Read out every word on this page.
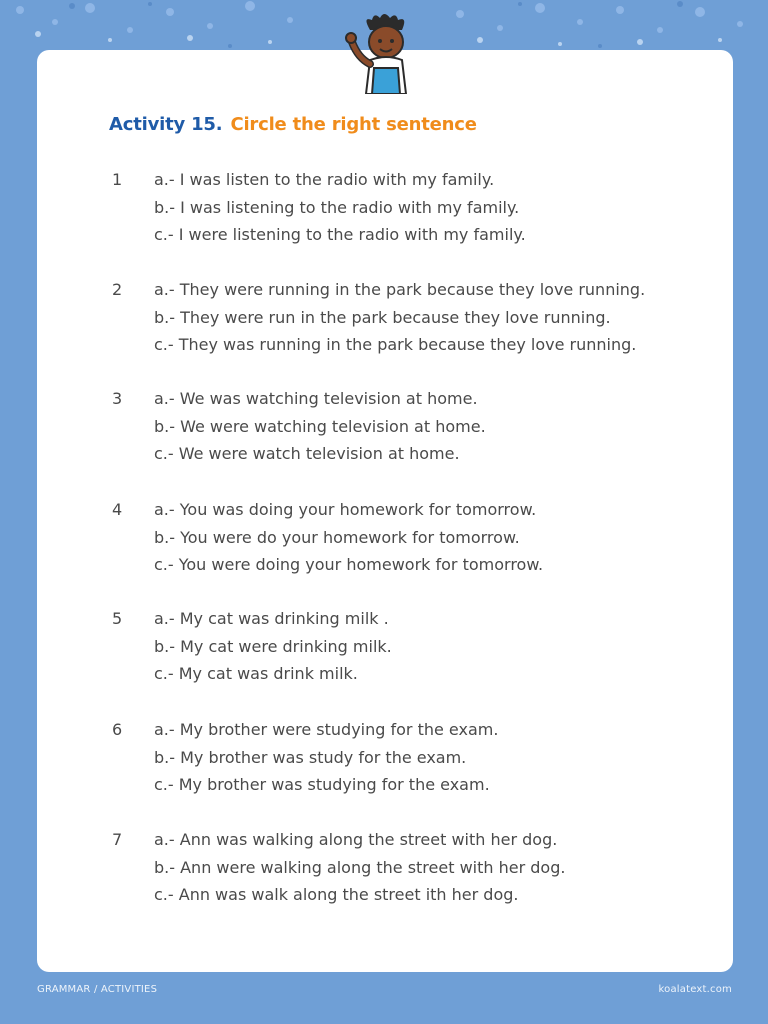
Activity 15. Circle the right sentence
1 a.- I was listen to the radio with my family.
b.- I was listening to the radio with my family.
c.- I were listening to the radio with my family.
2 a.- They were running in the park because they love running.
b.- They were run in the park because they love running.
c.- They was running in the park because they love running.
3 a.- We was watching television at home.
b.- We were watching television at home.
c.- We were watch television at home.
4 a.- You was doing your homework for tomorrow.
b.- You were do your homework for tomorrow.
c.- You were doing your homework for tomorrow.
5 a.- My cat was drinking milk .
b.- My cat were drinking milk.
c.- My cat was drink milk.
6 a.- My brother were studying for the exam.
b.- My brother was study for the exam.
c.- My brother was studying for the exam.
7 a.- Ann was walking along the street with her dog.
b.- Ann were walking along the street with her dog.
c.- Ann was walk along the street ith her dog.
GRAMMAR / ACTIVITIES	koalatext.com
